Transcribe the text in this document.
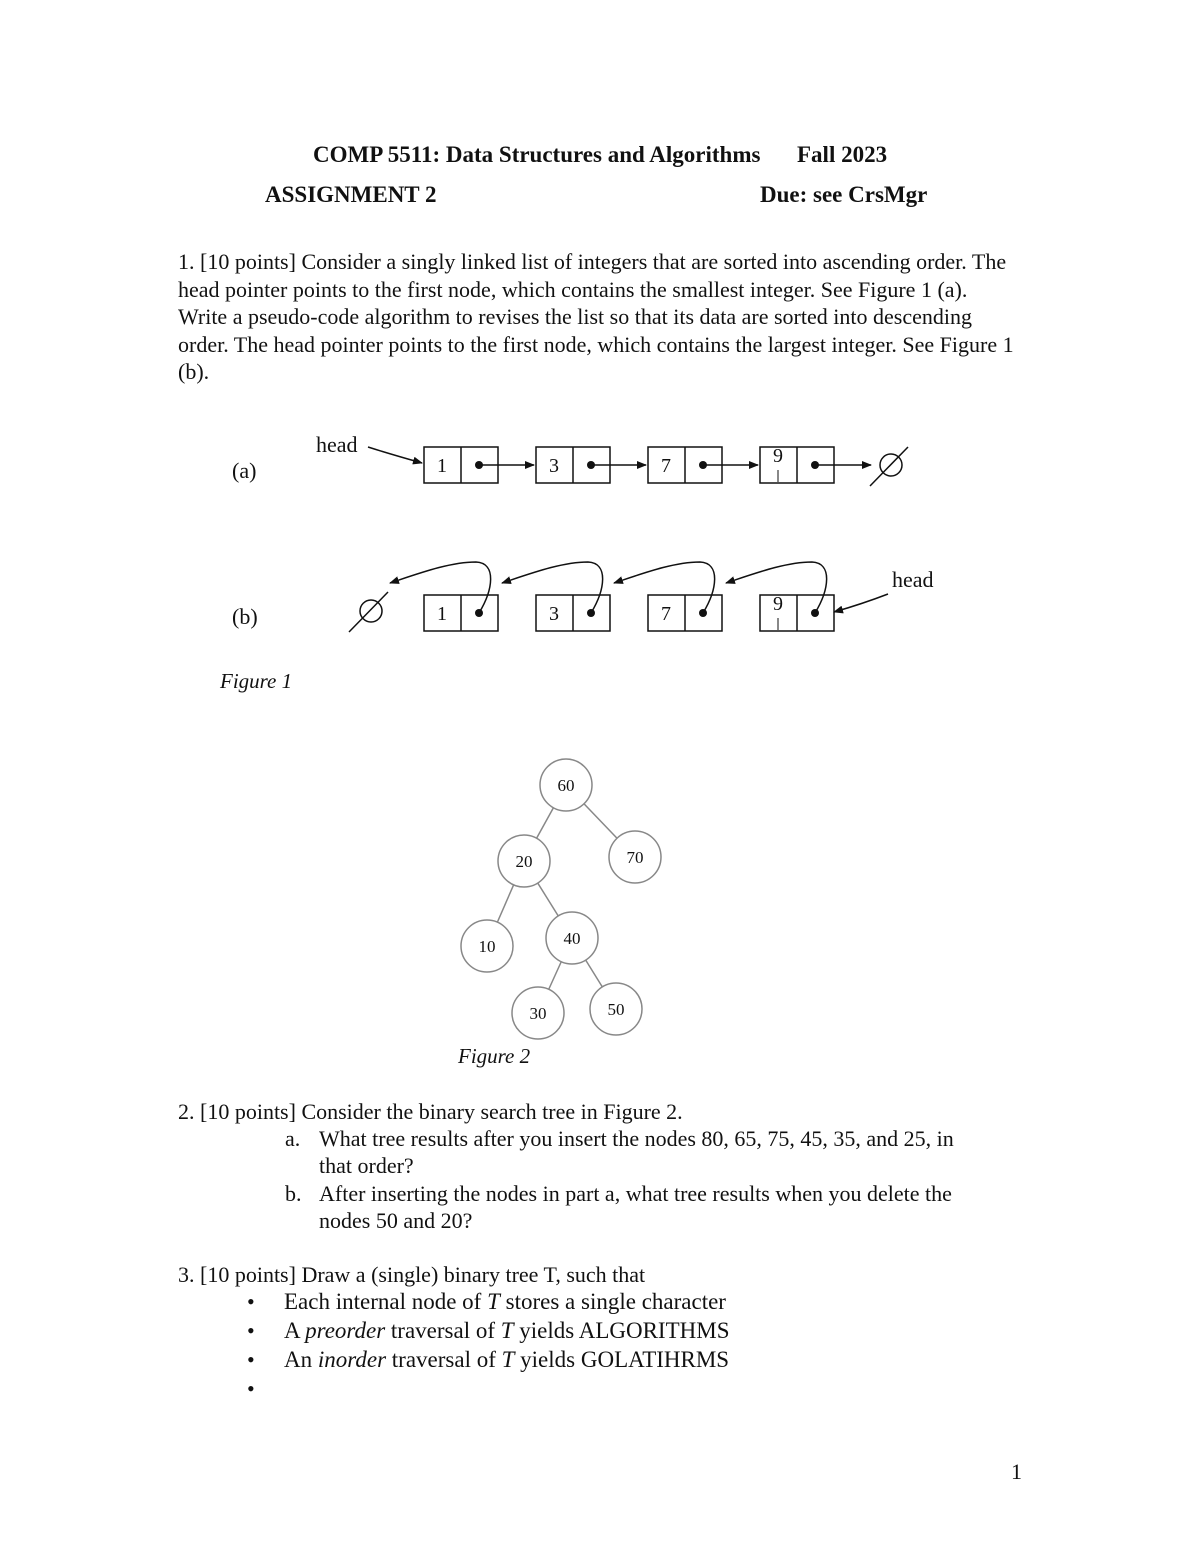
COMP 5511: Data Structures and Algorithms Fall 2023
ASSIGNMENT 2	Due: see CrsMgr
1. [10 points] Consider a singly linked list of integers that are sorted into ascending order. The head pointer points to the first node, which contains the smallest integer. See Figure 1 (a). Write a pseudo-code algorithm to revises the list so that its data are sorted into descending order. The head pointer points to the first node, which contains the largest integer. See Figure 1 (b).
(a)
head
1	3	7	9
(b)	1	3	7	9
head
Figure 1
60
20	70
10	40
30	50
Figure 2
2. [10 points] Consider the binary search tree in Figure 2.
a. What tree results after you insert the nodes 80, 65, 75, 45, 35, and 25, in
that order?
b. After inserting the nodes in part a, what tree results when you delete the
nodes 50 and 20?
3. [10 points] Draw a (single) binary tree T, such that
• Each internal node of T stores a single character
• A preorder traversal of T yields ALGORITHMS
• An inorder traversal of T yields GOLATIHRMS
•
1
